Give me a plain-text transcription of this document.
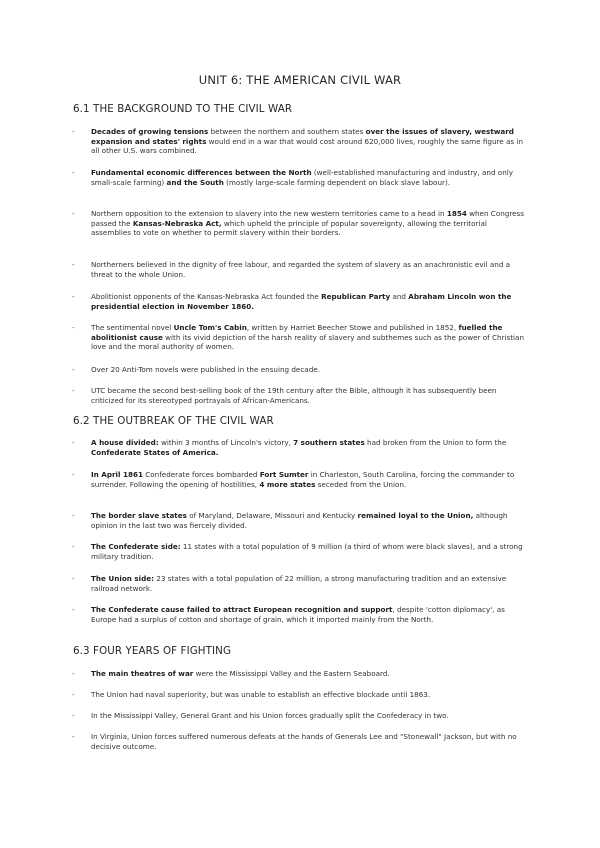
UNIT 6: THE AMERICAN CIVIL WAR
6.1 THE BACKGROUND TO THE CIVIL WAR
-	Decades of growing tensions between the northern and southern states over the issues of slavery, westward expansion and states' rights would end in a war that would cost around 620,000 lives, roughly the same figure as in all other U.S. wars combined.
-	Fundamental economic differences between the North (well-established manufacturing and industry, and only small-scale farming) and the South (mostly large-scale farming dependent on black slave labour).
-	Northern opposition to the extension to slavery into the new western territories came to a head in 1854 when Congress passed the Kansas-Nebraska Act, which upheld the principle of popular sovereignty, allowing the territorial assemblies to vote on whether to permit slavery within their borders.
-	Northerners believed in the dignity of free labour, and regarded the system of slavery as an anachronistic evil and a threat to the whole Union.
-	Abolitionist opponents of the Kansas-Nebraska Act founded the Republican Party and Abraham Lincoln won the presidential election in November 1860.
-	The sentimental novel Uncle Tom's Cabin, written by Harriet Beecher Stowe and published in 1852, fuelled the abolitionist cause with its vivid depiction of the harsh reality of slavery and subthemes such as the power of Christian love and the moral authority of women.
-	Over 20 Anti-Tom novels were published in the ensuing decade.
-	UTC became the second best-selling book of the 19th century after the Bible, although it has subsequently been criticized for its stereotyped portrayals of African-Americans.
6.2 THE OUTBREAK OF THE CIVIL WAR
-	A house divided: within 3 months of Lincoln's victory, 7 southern states had broken from the Union to form the Confederate States of America.
-	In April 1861 Confederate forces bombarded Fort Sumter in Charleston, South Carolina, forcing the commander to surrender. Following the opening of hostilities, 4 more states seceded from the Union.
-	The border slave states of Maryland, Delaware, Missouri and Kentucky remained loyal to the Union, although opinion in the last two was fiercely divided.
-	The Confederate side: 11 states with a total population of 9 million (a third of whom were black slaves), and a strong military tradition.
-	The Union side: 23 states with a total population of 22 million, a strong manufacturing tradition and an extensive railroad network.
-	The Confederate cause failed to attract European recognition and support, despite 'cotton diplomacy', as Europe had a surplus of cotton and shortage of grain, which it imported mainly from the North.
6.3 FOUR YEARS OF FIGHTING
-	The main theatres of war were the Mississippi Valley and the Eastern Seaboard.
-	The Union had naval superiority, but was unable to establish an effective blockade until 1863.
-	In the Mississippi Valley, General Grant and his Union forces gradually split the Confederacy in two.
-	In Virginia, Union forces suffered numerous defeats at the hands of Generals Lee and "Stonewall" Jackson, but with no decisive outcome.
